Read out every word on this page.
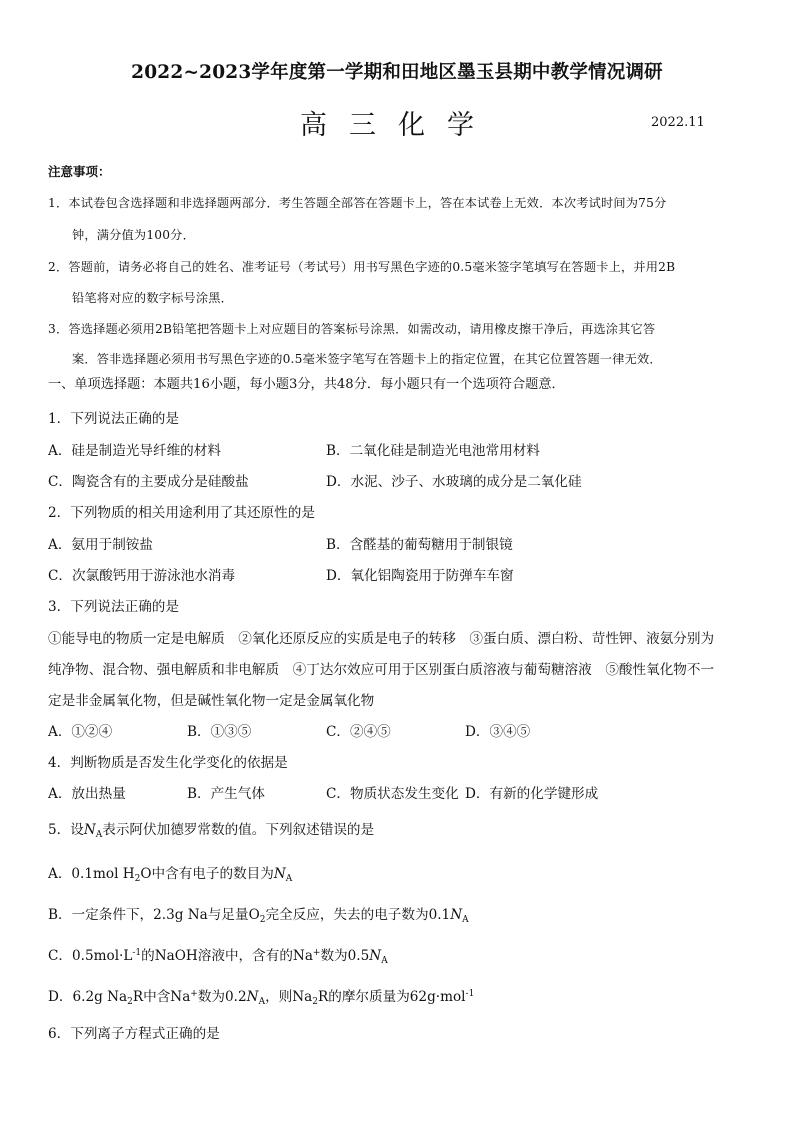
2022~2023学年度第一学期和田地区墨玉县期中教学情况调研
高三化学	2022.11
注意事项：
1．本试卷包含选择题和非选择题两部分．考生答题全部答在答题卡上，答在本试卷上无效．本次考试时间为75分
钟，满分值为100分．
2．答题前，请务必将自己的姓名、准考证号（考试号）用书写黑色字迹的0.5毫米签字笔填写在答题卡上，并用2B
铅笔将对应的数字标号涂黑．
3．答选择题必须用2B铅笔把答题卡上对应题目的答案标号涂黑．如需改动，请用橡皮擦干净后，再选涂其它答
案．答非选择题必须用书写黑色字迹的0.5毫米签字笔写在答题卡上的指定位置，在其它位置答题一律无效．
一、单项选择题：本题共16小题，每小题3分，共48分．每小题只有一个选项符合题意．
1．下列说法正确的是
A．硅是制造光导纤维的材料	B．二氧化硅是制造光电池常用材料
C．陶瓷含有的主要成分是硅酸盐	D．水泥、沙子、水玻璃的成分是二氧化硅
2．下列物质的相关用途利用了其还原性的是
A．氨用于制铵盐	B．含醛基的葡萄糖用于制银镜
C．次氯酸钙用于游泳池水消毒	D．氧化铝陶瓷用于防弹车车窗
3．下列说法正确的是
①能导电的物质一定是电解质　②氧化还原反应的实质是电子的转移　③蛋白质、漂白粉、苛性钾、液氨分别为
纯净物、混合物、强电解质和非电解质　④丁达尔效应可用于区别蛋白质溶液与葡萄糖溶液　⑤酸性氧化物不一
定是非金属氧化物，但是碱性氧化物一定是金属氧化物
A．①②④	B．①③⑤	C．②④⑤	D．③④⑤
4．判断物质是否发生化学变化的依据是
A．放出热量	B．产生气体	C．物质状态发生变化 D．有新的化学键形成
5．设$N_A$表示阿伏加德罗常数的值。下列叙述错误的是
A．0.1mol $H_2O$中含有电子的数目为$N_A$
B．一定条件下，2.3g Na与足量$O_2$完全反应，失去的电子数为$0.1N_A$
C．$0.5mol\cdot L^{-1}$的NaOH溶液中，含有的Na+数为$0.5N_A$
D．6.2g $Na_2R$中含Na+数为$0.2N_A$，则$Na_2R$的摩尔质量为62g·mol$^{-1}$
6．下列离子方程式正确的是
